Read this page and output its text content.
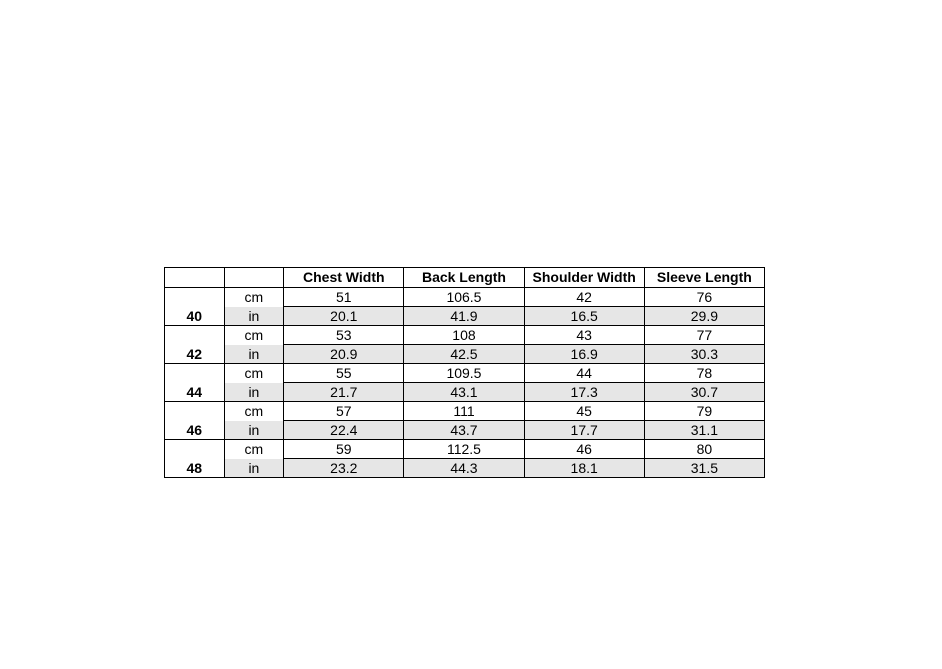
		Chest Width	Back Length	Shoulder Width	Sleeve Length
40	cm	51	106.5	42	76
	in	20.1	41.9	16.5	29.9
42	cm	53	108	43	77
	in	20.9	42.5	16.9	30.3
44	cm	55	109.5	44	78
	in	21.7	43.1	17.3	30.7
46	cm	57	111	45	79
	in	22.4	43.7	17.7	31.1
48	cm	59	112.5	46	80
	in	23.2	44.3	18.1	31.5
